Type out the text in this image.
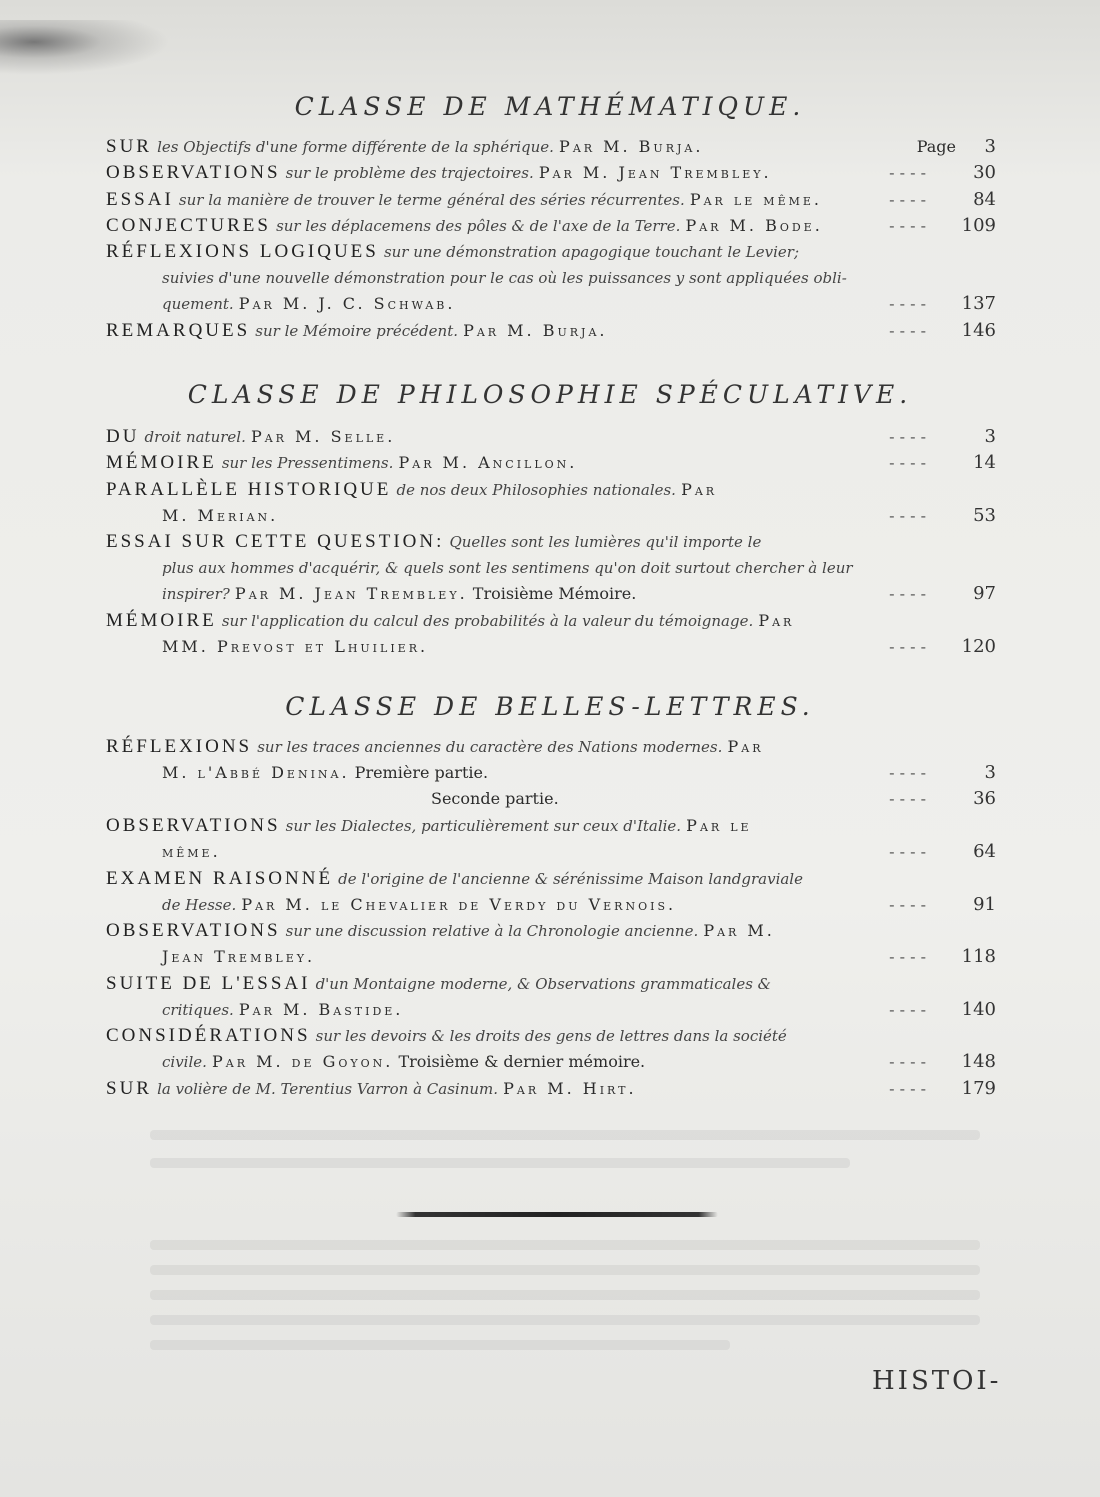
CLASSE DE MATHÉMATIQUE.
SUR les Objectifs d'une forme différente de la sphérique. Par M. Burja.	Page 3
OBSERVATIONS sur le problème des trajectoires. Par M. Jean Trembley.	- - - -	30
ESSAI sur la manière de trouver le terme général des séries récurrentes. Par le même.	- - - -	84
CONJECTURES sur les déplacemens des pôles & de l'axe de la Terre. Par M. Bode.	- - - - 109
RÉFLEXIONS LOGIQUES sur une démonstration apagogique touchant le Levier;
suivies d'une nouvelle démonstration pour le cas où les puissances y sont appliquées obli-
quement. Par M. J. C. Schwab.	- - - - 137
REMARQUES sur le Mémoire précédent. Par M. Burja.	- - - - 146
CLASSE DE PHILOSOPHIE SPÉCULATIVE.
DU droit naturel. Par M. Selle.	- - - -	3
MÉMOIRE sur les Pressentimens. Par M. Ancillon.	- - - -	14
PARALLÈLE HISTORIQUE de nos deux Philosophies nationales. Par
M. Merian.	- - - -	53
ESSAI SUR CETTE QUESTION: Quelles sont les lumières qu'il importe le
plus aux hommes d'acquérir, & quels sont les sentimens qu'on doit surtout chercher à leur
inspirer? Par M. Jean Trembley. Troisième Mémoire.	- - - -	97
MÉMOIRE sur l'application du calcul des probabilités à la valeur du témoignage. Par
MM. Prevost et Lhuilier.	- - - - 120
CLASSE DE BELLES-LETTRES.
RÉFLEXIONS sur les traces anciennes du caractère des Nations modernes. Par
M. l'Abbé Denina. Première partie.	- - - -	3
Seconde partie.	- - - -	36
OBSERVATIONS sur les Dialectes, particulièrement sur ceux d'Italie. Par le
même.	- - - -	64
EXAMEN RAISONNÉ de l'origine de l'ancienne & sérénissime Maison landgraviale
de Hesse. Par M. le Chevalier de Verdy du Vernois.	- - - -	91
OBSERVATIONS sur une discussion relative à la Chronologie ancienne. Par M.
Jean Trembley.	- - - - 118
SUITE DE L'ESSAI d'un Montaigne moderne, & Observations grammaticales &
critiques. Par M. Bastide.	- - - - 140
CONSIDÉRATIONS sur les devoirs & les droits des gens de lettres dans la société
civile. Par M. de Goyon. Troisième & dernier mémoire.	- - - - 148
SUR la volière de M. Terentius Varron à Casinum. Par M. Hirt.	- - - - 179
HISTOI-
